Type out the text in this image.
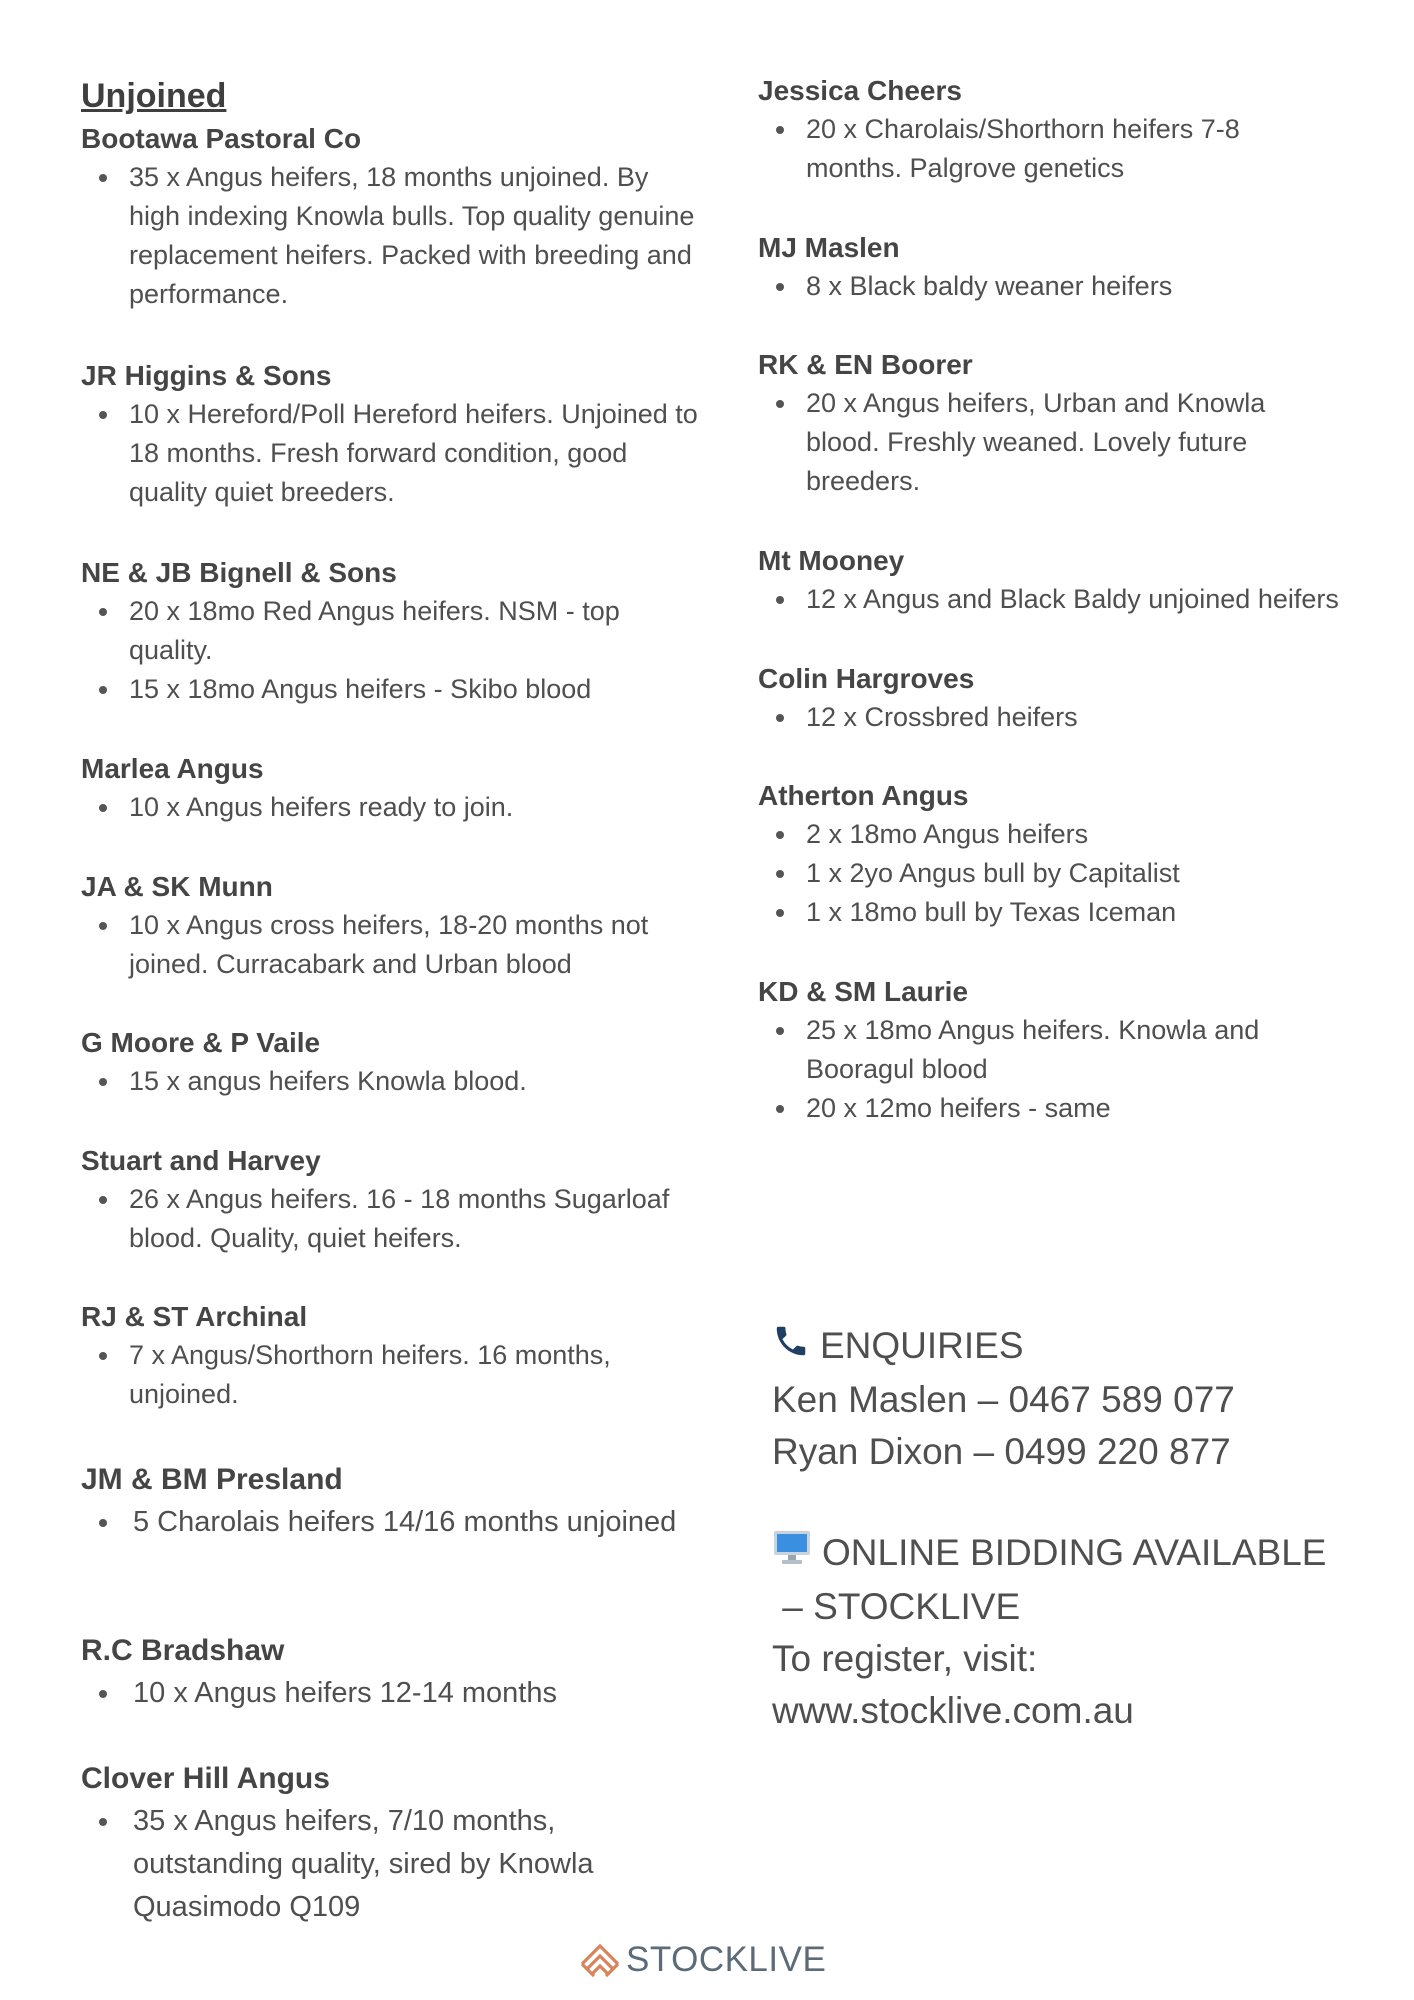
Unjoined
Bootawa Pastoral Co
35 x Angus heifers, 18 months unjoined. By high indexing Knowla bulls. Top quality genuine replacement heifers. Packed with breeding and performance.
JR Higgins & Sons
10 x Hereford/Poll Hereford heifers. Unjoined to 18 months. Fresh forward condition, good quality quiet breeders.
NE & JB Bignell & Sons
20 x 18mo Red Angus heifers. NSM - top quality.
15 x 18mo Angus heifers - Skibo blood
Marlea Angus
10 x Angus heifers ready to join.
JA & SK Munn
10 x Angus cross heifers, 18-20 months not joined. Curracabark and Urban blood
G Moore & P Vaile
15 x angus heifers Knowla blood.
Stuart and Harvey
26 x Angus heifers. 16 - 18 months Sugarloaf blood. Quality, quiet heifers.
RJ & ST Archinal
7 x Angus/Shorthorn heifers. 16 months, unjoined.
JM & BM Presland
5 Charolais heifers 14/16 months unjoined
R.C Bradshaw
10 x Angus heifers 12-14 months
Clover Hill Angus
35 x Angus heifers, 7/10 months, outstanding quality, sired by Knowla Quasimodo Q109
Jessica Cheers
20 x Charolais/Shorthorn heifers 7-8 months. Palgrove genetics
MJ Maslen
8 x Black baldy weaner heifers
RK & EN Boorer
20 x Angus heifers, Urban and Knowla blood. Freshly weaned. Lovely future breeders.
Mt Mooney
12 x Angus and Black Baldy unjoined heifers
Colin Hargroves
12 x Crossbred heifers
Atherton Angus
2 x 18mo Angus heifers
1 x 2yo Angus bull by Capitalist
1 x 18mo bull by Texas Iceman
KD & SM Laurie
25 x 18mo Angus heifers. Knowla and Booragul blood
20 x 12mo heifers - same
ENQUIRIES
Ken Maslen – 0467 589 077
Ryan Dixon – 0499 220 877
ONLINE BIDDING AVAILABLE
– STOCKLIVE
To register, visit:
www.stocklive.com.au
STOCKLIVE
